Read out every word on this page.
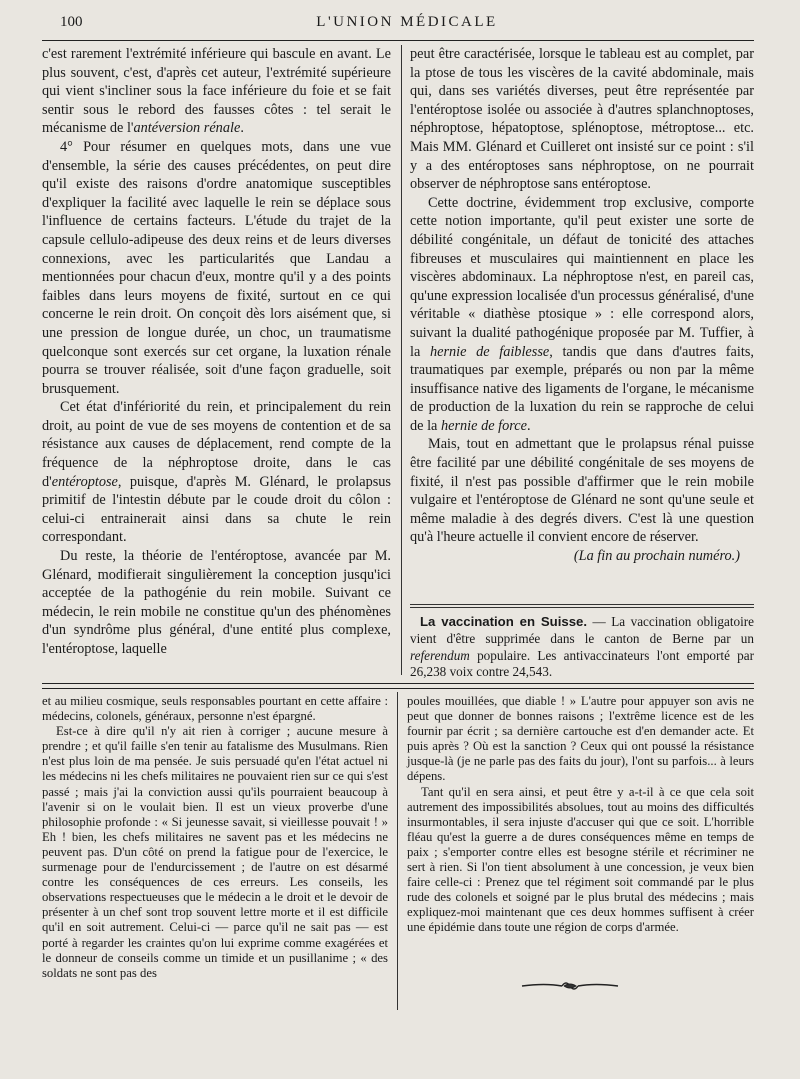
100	L'UNION MÉDICALE

c'est rarement l'extrémité inférieure qui bascule en avant. Le plus souvent, c'est, d'après cet auteur, l'extrémité supérieure qui vient s'incliner sous la face inférieure du foie et se fait sentir sous le rebord des fausses côtes : tel serait le mécanisme de l'antéversion rénale.

4° Pour résumer en quelques mots, dans une vue d'ensemble, la série des causes précédentes, on peut dire qu'il existe des raisons d'ordre anatomique susceptibles d'expliquer la facilité avec laquelle le rein se déplace sous l'influence de certains facteurs. L'étude du trajet de la capsule cellulo-adipeuse des deux reins et de leurs diverses connexions, avec les particularités que Landau a mentionnées pour chacun d'eux, montre qu'il y a des points faibles dans leurs moyens de fixité, surtout en ce qui concerne le rein droit. On conçoit dès lors aisément que, si une pression de longue durée, un choc, un traumatisme quelconque sont exercés sur cet organe, la luxation rénale pourra se trouver réalisée, soit d'une façon graduelle, soit brusquement.

Cet état d'infériorité du rein, et principalement du rein droit, au point de vue de ses moyens de contention et de sa résistance aux causes de déplacement, rend compte de la fréquence de la néphroptose droite, dans le cas d'entéroptose, puisque, d'après M. Glénard, le prolapsus primitif de l'intestin débute par le coude droit du côlon : celui-ci entrainerait ainsi dans sa chute le rein correspondant.

Du reste, la théorie de l'entéroptose, avancée par M. Glénard, modifierait singulièrement la conception jusqu'ici acceptée de la pathogénie du rein mobile. Suivant ce médecin, le rein mobile ne constitue qu'un des phénomènes d'un syndrôme plus général, d'une entité plus complexe, l'entéroptose, laquelle

peut être caractérisée, lorsque le tableau est au complet, par la ptose de tous les viscères de la cavité abdominale, mais qui, dans ses variétés diverses, peut être représentée par l'entéroptose isolée ou associée à d'autres splanchnoptoses, néphroptose, hépatoptose, splénoptose, métroptose... etc. Mais MM. Glénard et Cuilleret ont insisté sur ce point : s'il y a des entéroptoses sans néphroptose, on ne pourrait observer de néphroptose sans entéroptose.

Cette doctrine, évidemment trop exclusive, comporte cette notion importante, qu'il peut exister une sorte de débilité congénitale, un défaut de tonicité des attaches fibreuses et musculaires qui maintiennent en place les viscères abdominaux. La néphroptose n'est, en pareil cas, qu'une expression localisée d'un processus généralisé, d'une véritable « diathèse ptosique » : elle correspond alors, suivant la dualité pathogénique proposée par M. Tuffier, à la hernie de faiblesse, tandis que dans d'autres faits, traumatiques par exemple, préparés ou non par la même insuffisance native des ligaments de l'organe, le mécanisme de production de la luxation du rein se rapproche de celui de la hernie de force.

Mais, tout en admettant que le prolapsus rénal puisse être facilité par une débilité congénitale de ses moyens de fixité, il n'est pas possible d'affirmer que le rein mobile vulgaire et l'entéroptose de Glénard ne sont qu'une seule et même maladie à des degrés divers. C'est là une question qu'à l'heure actuelle il convient encore de réserver.

(La fin au prochain numéro.)

La vaccination en Suisse. — La vaccination obligatoire vient d'être supprimée dans le canton de Berne par un referendum populaire. Les antivaccinateurs l'ont emporté par 26,238 voix contre 24,543.

et au milieu cosmique, seuls responsables pourtant en cette affaire : médecins, colonels, généraux, personne n'est épargné.

Est-ce à dire qu'il n'y ait rien à corriger ; aucune mesure à prendre ; et qu'il faille s'en tenir au fatalisme des Musulmans. Rien n'est plus loin de ma pensée. Je suis persuadé qu'en l'état actuel ni les médecins ni les chefs militaires ne pouvaient rien sur ce qui s'est passé ; mais j'ai la conviction aussi qu'ils pourraient beaucoup à l'avenir si on le voulait bien. Il est un vieux proverbe d'une philosophie profonde : « Si jeunesse savait, si vieillesse pouvait ! » Eh ! bien, les chefs militaires ne savent pas et les médecins ne peuvent pas. D'un côté on prend la fatigue pour de l'exercice, le surmenage pour de l'endurcissement ; de l'autre on est désarmé contre les conséquences de ces erreurs. Les conseils, les observations respectueuses que le médecin a le droit et le devoir de présenter à un chef sont trop souvent lettre morte et il est difficile qu'il en soit autrement. Celui-ci — parce qu'il ne sait pas — est porté à regarder les craintes qu'on lui exprime comme exagérées et le donneur de conseils comme un timide et un pusillanime ; « des soldats ne sont pas des

poules mouillées, que diable ! » L'autre pour appuyer son avis ne peut que donner de bonnes raisons ; l'extrême licence est de les fournir par écrit ; sa dernière cartouche est d'en demander acte. Et puis après ? Où est la sanction ? Ceux qui ont poussé la résistance jusque-là (je ne parle pas des faits du jour), l'ont su parfois... à leurs dépens.

Tant qu'il en sera ainsi, et peut être y a-t-il à ce que cela soit autrement des impossibilités absolues, tout au moins des difficultés insurmontables, il sera injuste d'accuser qui que ce soit. L'horrible fléau qu'est la guerre a de dures conséquences même en temps de paix ; s'emporter contre elles est besogne stérile et récriminer ne sert à rien. Si l'on tient absolument à une concession, je veux bien faire celle-ci : Prenez que tel régiment soit commandé par le plus rude des colonels et soigné par le plus brutal des médecins ; mais expliquez-moi maintenant que ces deux hommes suffisent à créer une épidémie dans toute une région de corps d'armée.
